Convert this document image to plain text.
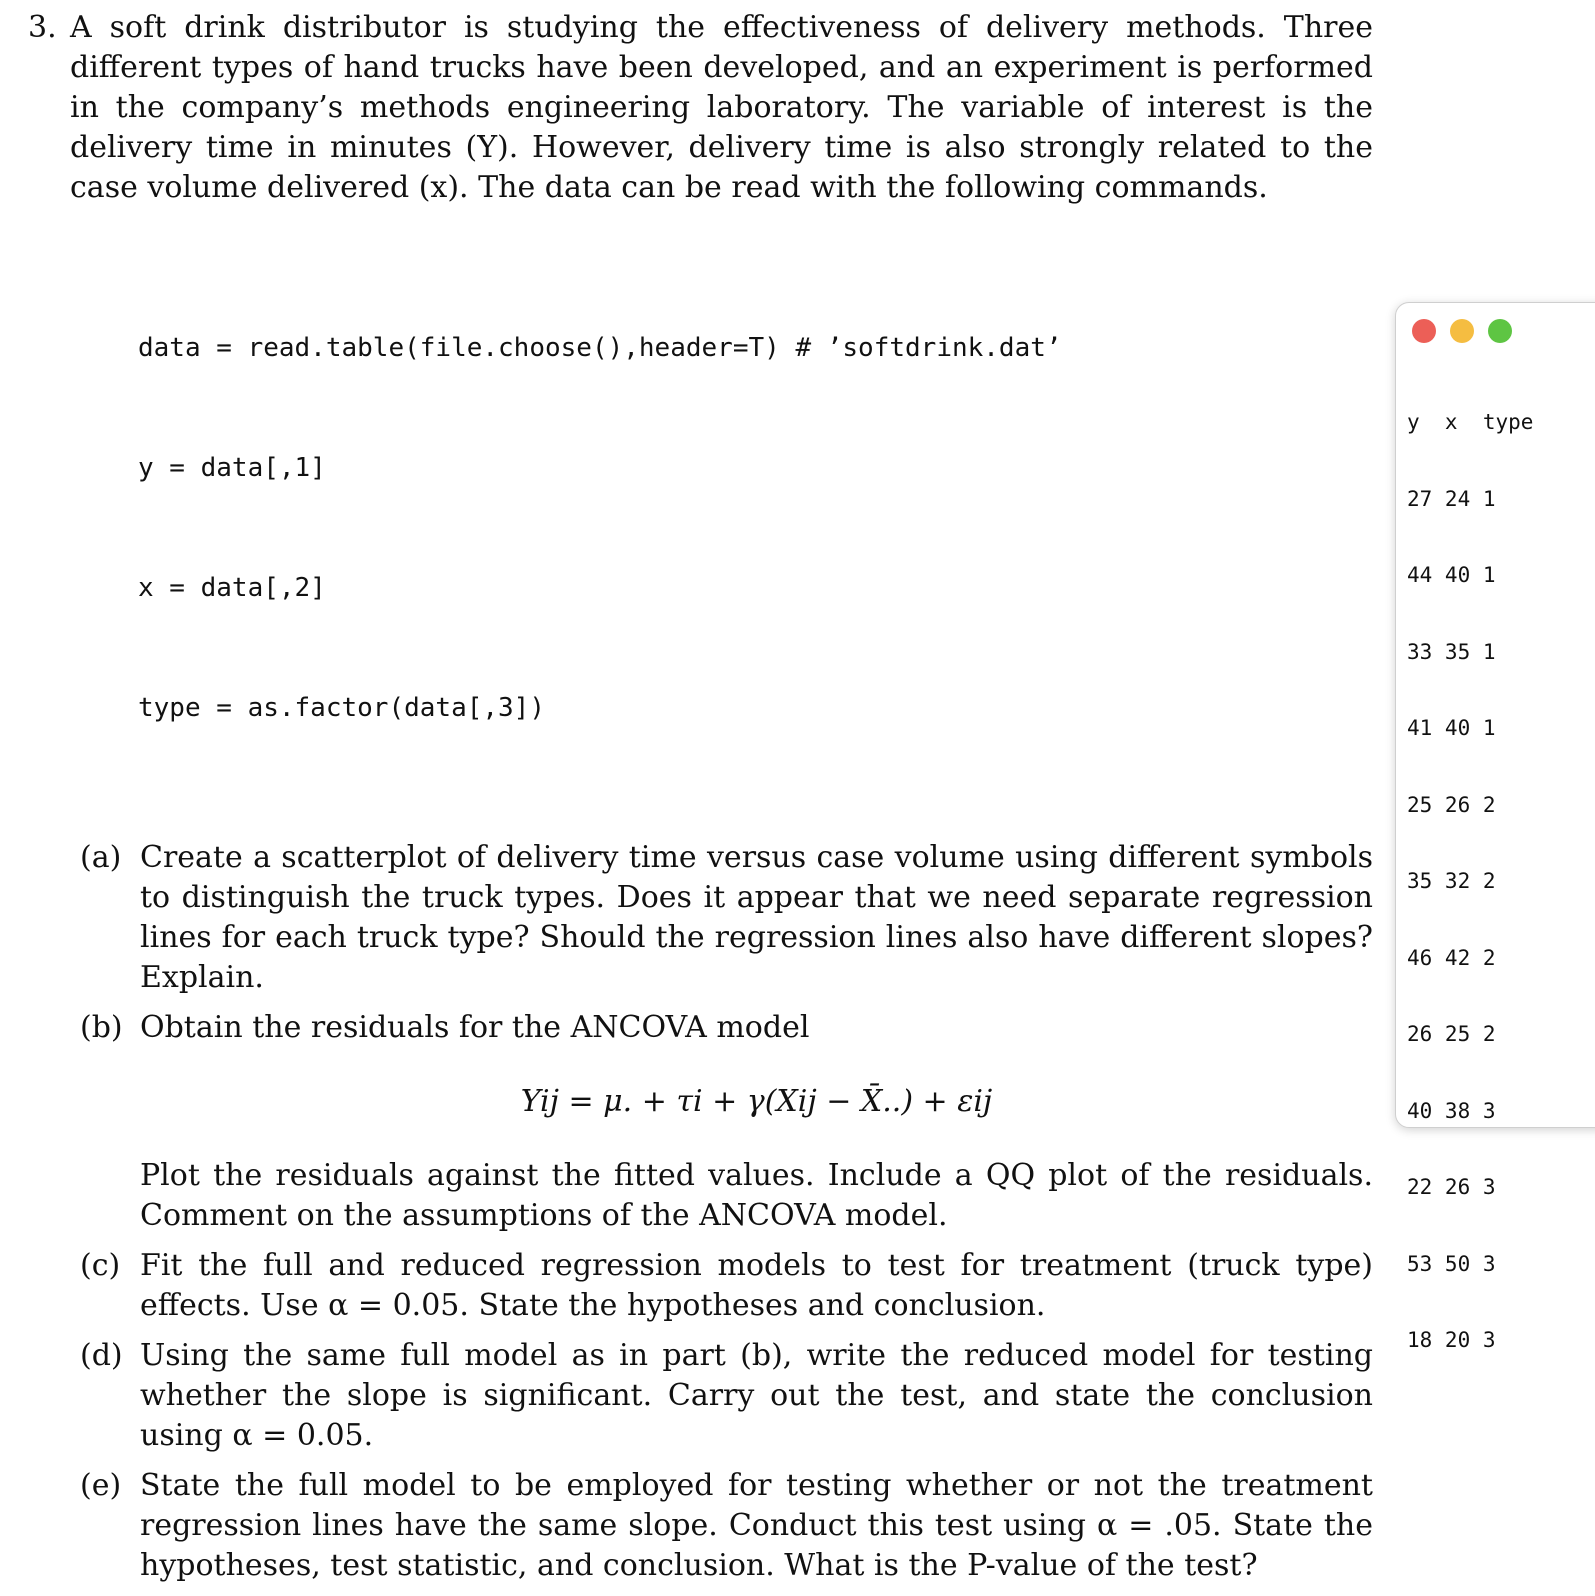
3. A soft drink distributor is studying the effectiveness of delivery methods. Three different types of hand trucks have been developed, and an experiment is performed in the company’s methods engineering laboratory. The variable of interest is the delivery time in minutes (Y). However, delivery time is also strongly related to the case volume delivered (x). The data can be read with the following commands.

data = read.table(file.choose(),header=T) # ’softdrink.dat’

y = data[,1]

x = data[,2]

type = as.factor(data[,3])

(a) Create a scatterplot of delivery time versus case volume using different symbols to distinguish the truck types. Does it appear that we need separate regression lines for each truck type? Should the regression lines also have different slopes? Explain.
(b) Obtain the residuals for the ANCOVA model
Yij = μ. + τi + γ(Xij − X̄..) + εij
Plot the residuals against the fitted values. Include a QQ plot of the residuals. Comment on the assumptions of the ANCOVA model.
(c) Fit the full and reduced regression models to test for treatment (truck type) effects. Use α = 0.05. State the hypotheses and conclusion.
(d) Using the same full model as in part (b), write the reduced model for testing whether the slope is significant. Carry out the test, and state the conclusion using α = 0.05.
(e) State the full model to be employed for testing whether or not the treatment regression lines have the same slope. Conduct this test using α = .05. State the hypotheses, test statistic, and conclusion. What is the P-value of the test?

y  x  type

27 24 1

44 40 1

33 35 1

41 40 1

25 26 2

35 32 2

46 42 2

26 25 2

40 38 3

22 26 3

53 50 3

18 20 3
